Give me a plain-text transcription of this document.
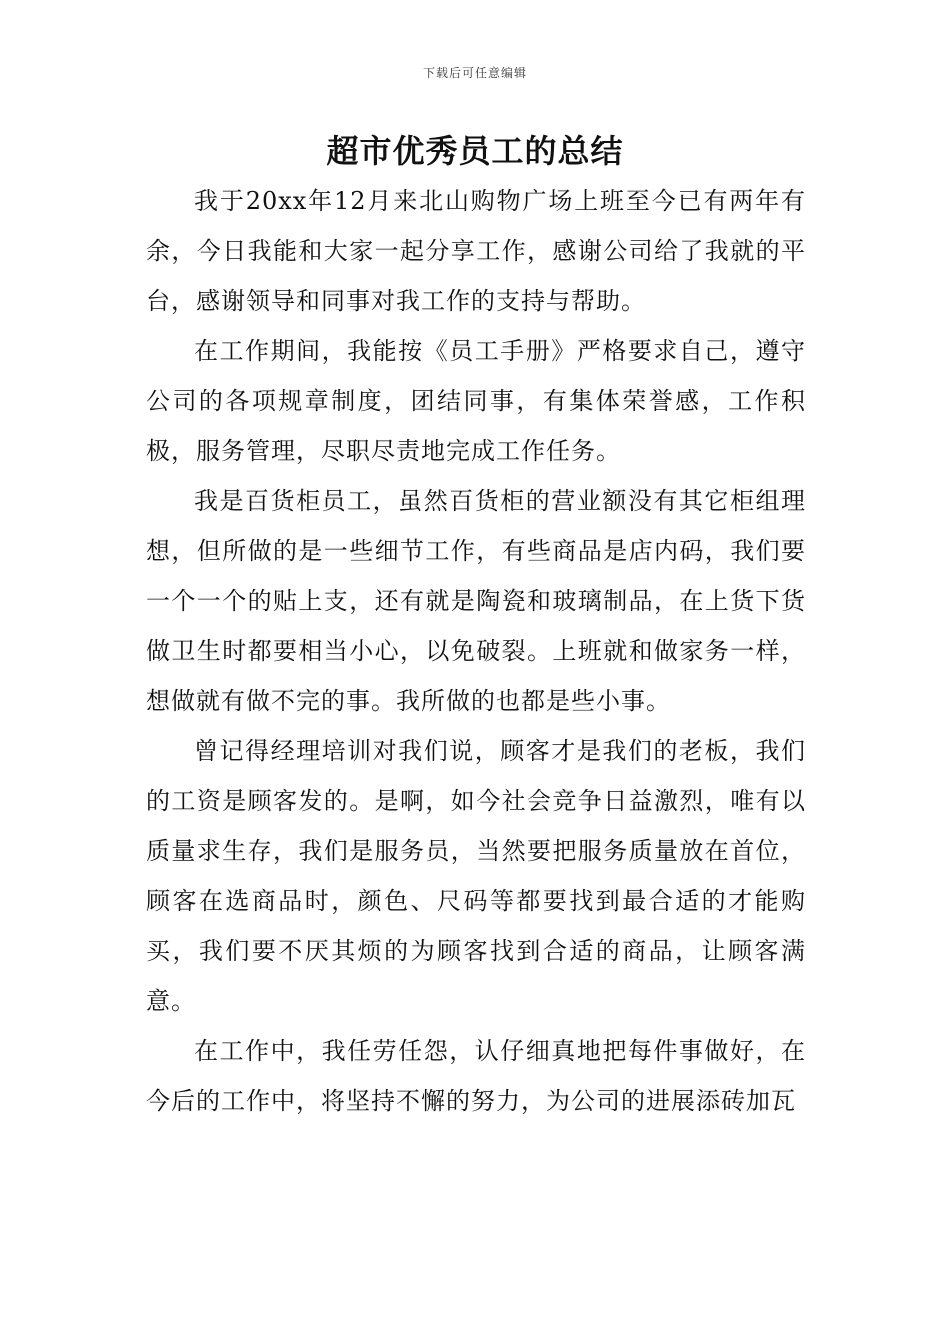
下载后可任意编辑
超市优秀员工的总结

我于20xx年12月来北山购物广场上班至今已有两年有余，今日我能和大家一起分享工作，感谢公司给了我就的平台，感谢领导和同事对我工作的支持与帮助。

在工作期间，我能按《员工手册》严格要求自己，遵守公司的各项规章制度，团结同事，有集体荣誉感，工作积极，服务管理，尽职尽责地完成工作任务。

我是百货柜员工，虽然百货柜的营业额没有其它柜组理想，但所做的是一些细节工作，有些商品是店内码，我们要一个一个的贴上支，还有就是陶瓷和玻璃制品，在上货下货做卫生时都要相当小心，以免破裂。上班就和做家务一样，想做就有做不完的事。我所做的也都是些小事。

曾记得经理培训对我们说，顾客才是我们的老板，我们的工资是顾客发的。是啊，如今社会竞争日益激烈，唯有以质量求生存，我们是服务员，当然要把服务质量放在首位，顾客在选商品时，颜色、尺码等都要找到最合适的才能购买，我们要不厌其烦的为顾客找到合适的商品，让顾客满意。

在工作中，我任劳任怨，认仔细真地把每件事做好，在今后的工作中，将坚持不懈的努力，为公司的进展添砖加瓦
